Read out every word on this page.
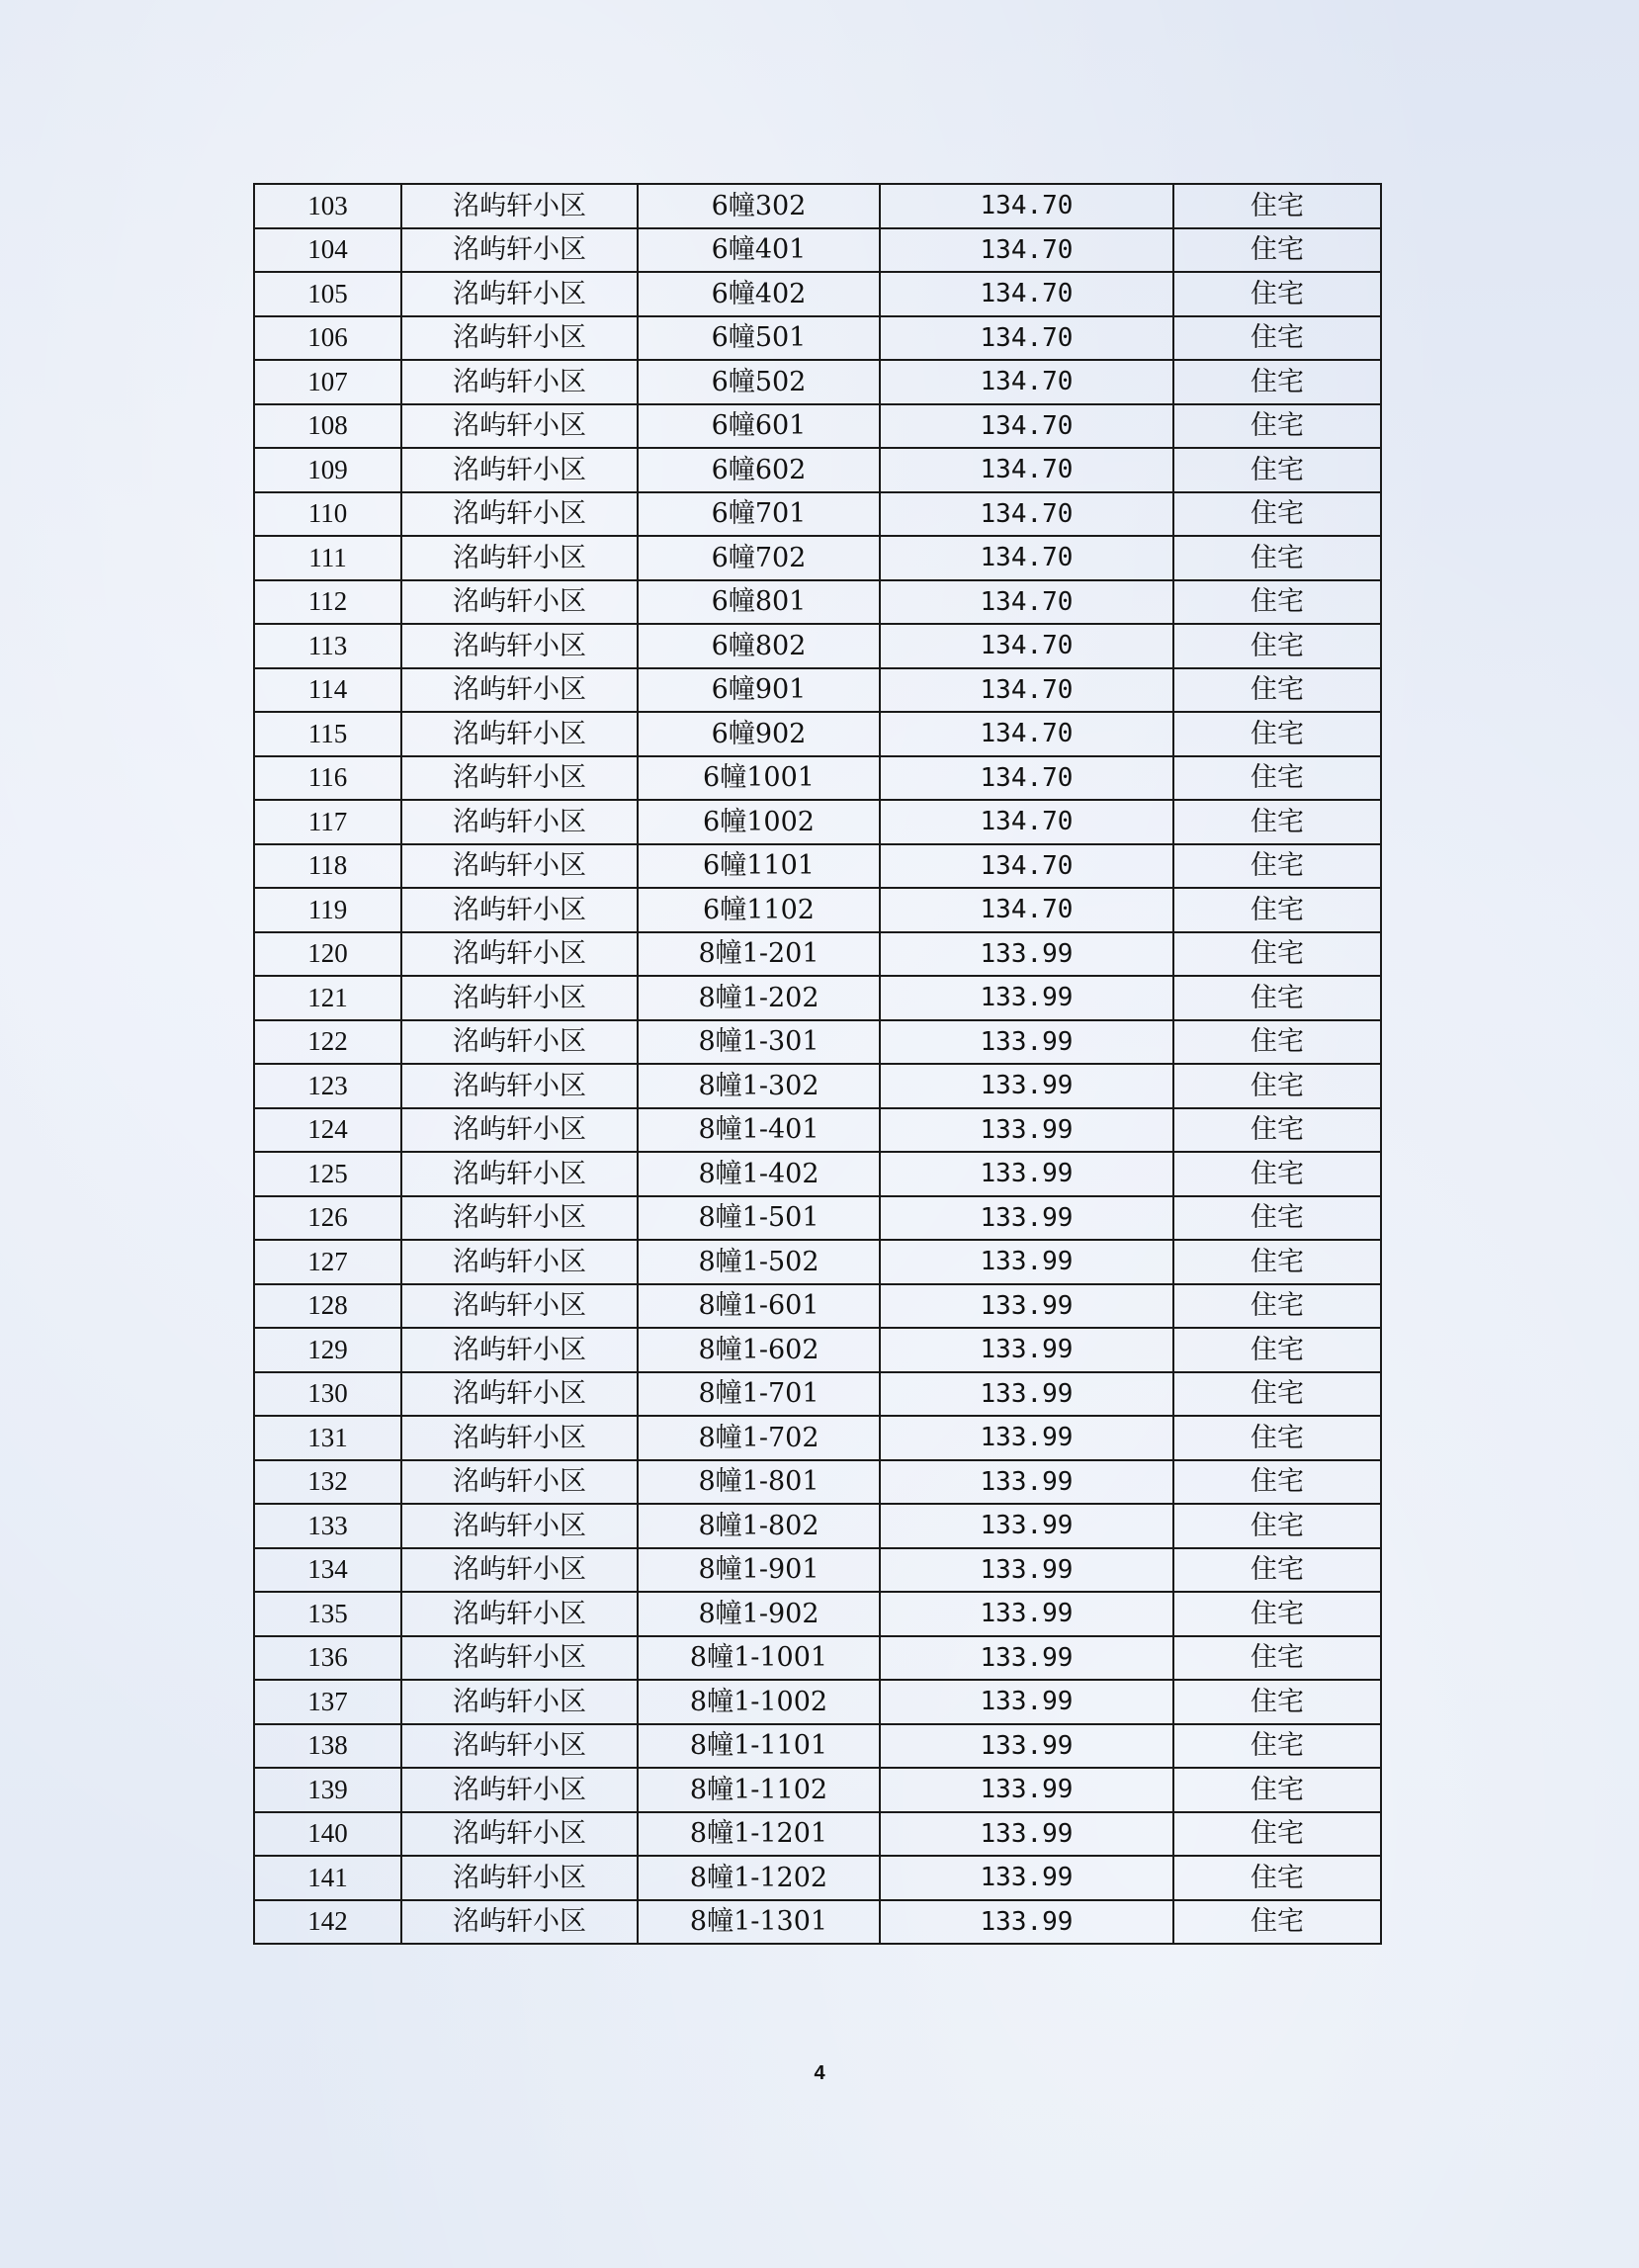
103	洺屿轩小区	6幢302	134.70	住宅
104	洺屿轩小区	6幢401	134.70	住宅
105	洺屿轩小区	6幢402	134.70	住宅
106	洺屿轩小区	6幢501	134.70	住宅
107	洺屿轩小区	6幢502	134.70	住宅
108	洺屿轩小区	6幢601	134.70	住宅
109	洺屿轩小区	6幢602	134.70	住宅
110	洺屿轩小区	6幢701	134.70	住宅
111	洺屿轩小区	6幢702	134.70	住宅
112	洺屿轩小区	6幢801	134.70	住宅
113	洺屿轩小区	6幢802	134.70	住宅
114	洺屿轩小区	6幢901	134.70	住宅
115	洺屿轩小区	6幢902	134.70	住宅
116	洺屿轩小区	6幢1001	134.70	住宅
117	洺屿轩小区	6幢1002	134.70	住宅
118	洺屿轩小区	6幢1101	134.70	住宅
119	洺屿轩小区	6幢1102	134.70	住宅
120	洺屿轩小区	8幢1-201	133.99	住宅
121	洺屿轩小区	8幢1-202	133.99	住宅
122	洺屿轩小区	8幢1-301	133.99	住宅
123	洺屿轩小区	8幢1-302	133.99	住宅
124	洺屿轩小区	8幢1-401	133.99	住宅
125	洺屿轩小区	8幢1-402	133.99	住宅
126	洺屿轩小区	8幢1-501	133.99	住宅
127	洺屿轩小区	8幢1-502	133.99	住宅
128	洺屿轩小区	8幢1-601	133.99	住宅
129	洺屿轩小区	8幢1-602	133.99	住宅
130	洺屿轩小区	8幢1-701	133.99	住宅
131	洺屿轩小区	8幢1-702	133.99	住宅
132	洺屿轩小区	8幢1-801	133.99	住宅
133	洺屿轩小区	8幢1-802	133.99	住宅
134	洺屿轩小区	8幢1-901	133.99	住宅
135	洺屿轩小区	8幢1-902	133.99	住宅
136	洺屿轩小区	8幢1-1001	133.99	住宅
137	洺屿轩小区	8幢1-1002	133.99	住宅
138	洺屿轩小区	8幢1-1101	133.99	住宅
139	洺屿轩小区	8幢1-1102	133.99	住宅
140	洺屿轩小区	8幢1-1201	133.99	住宅
141	洺屿轩小区	8幢1-1202	133.99	住宅
142	洺屿轩小区	8幢1-1301	133.99	住宅
4
